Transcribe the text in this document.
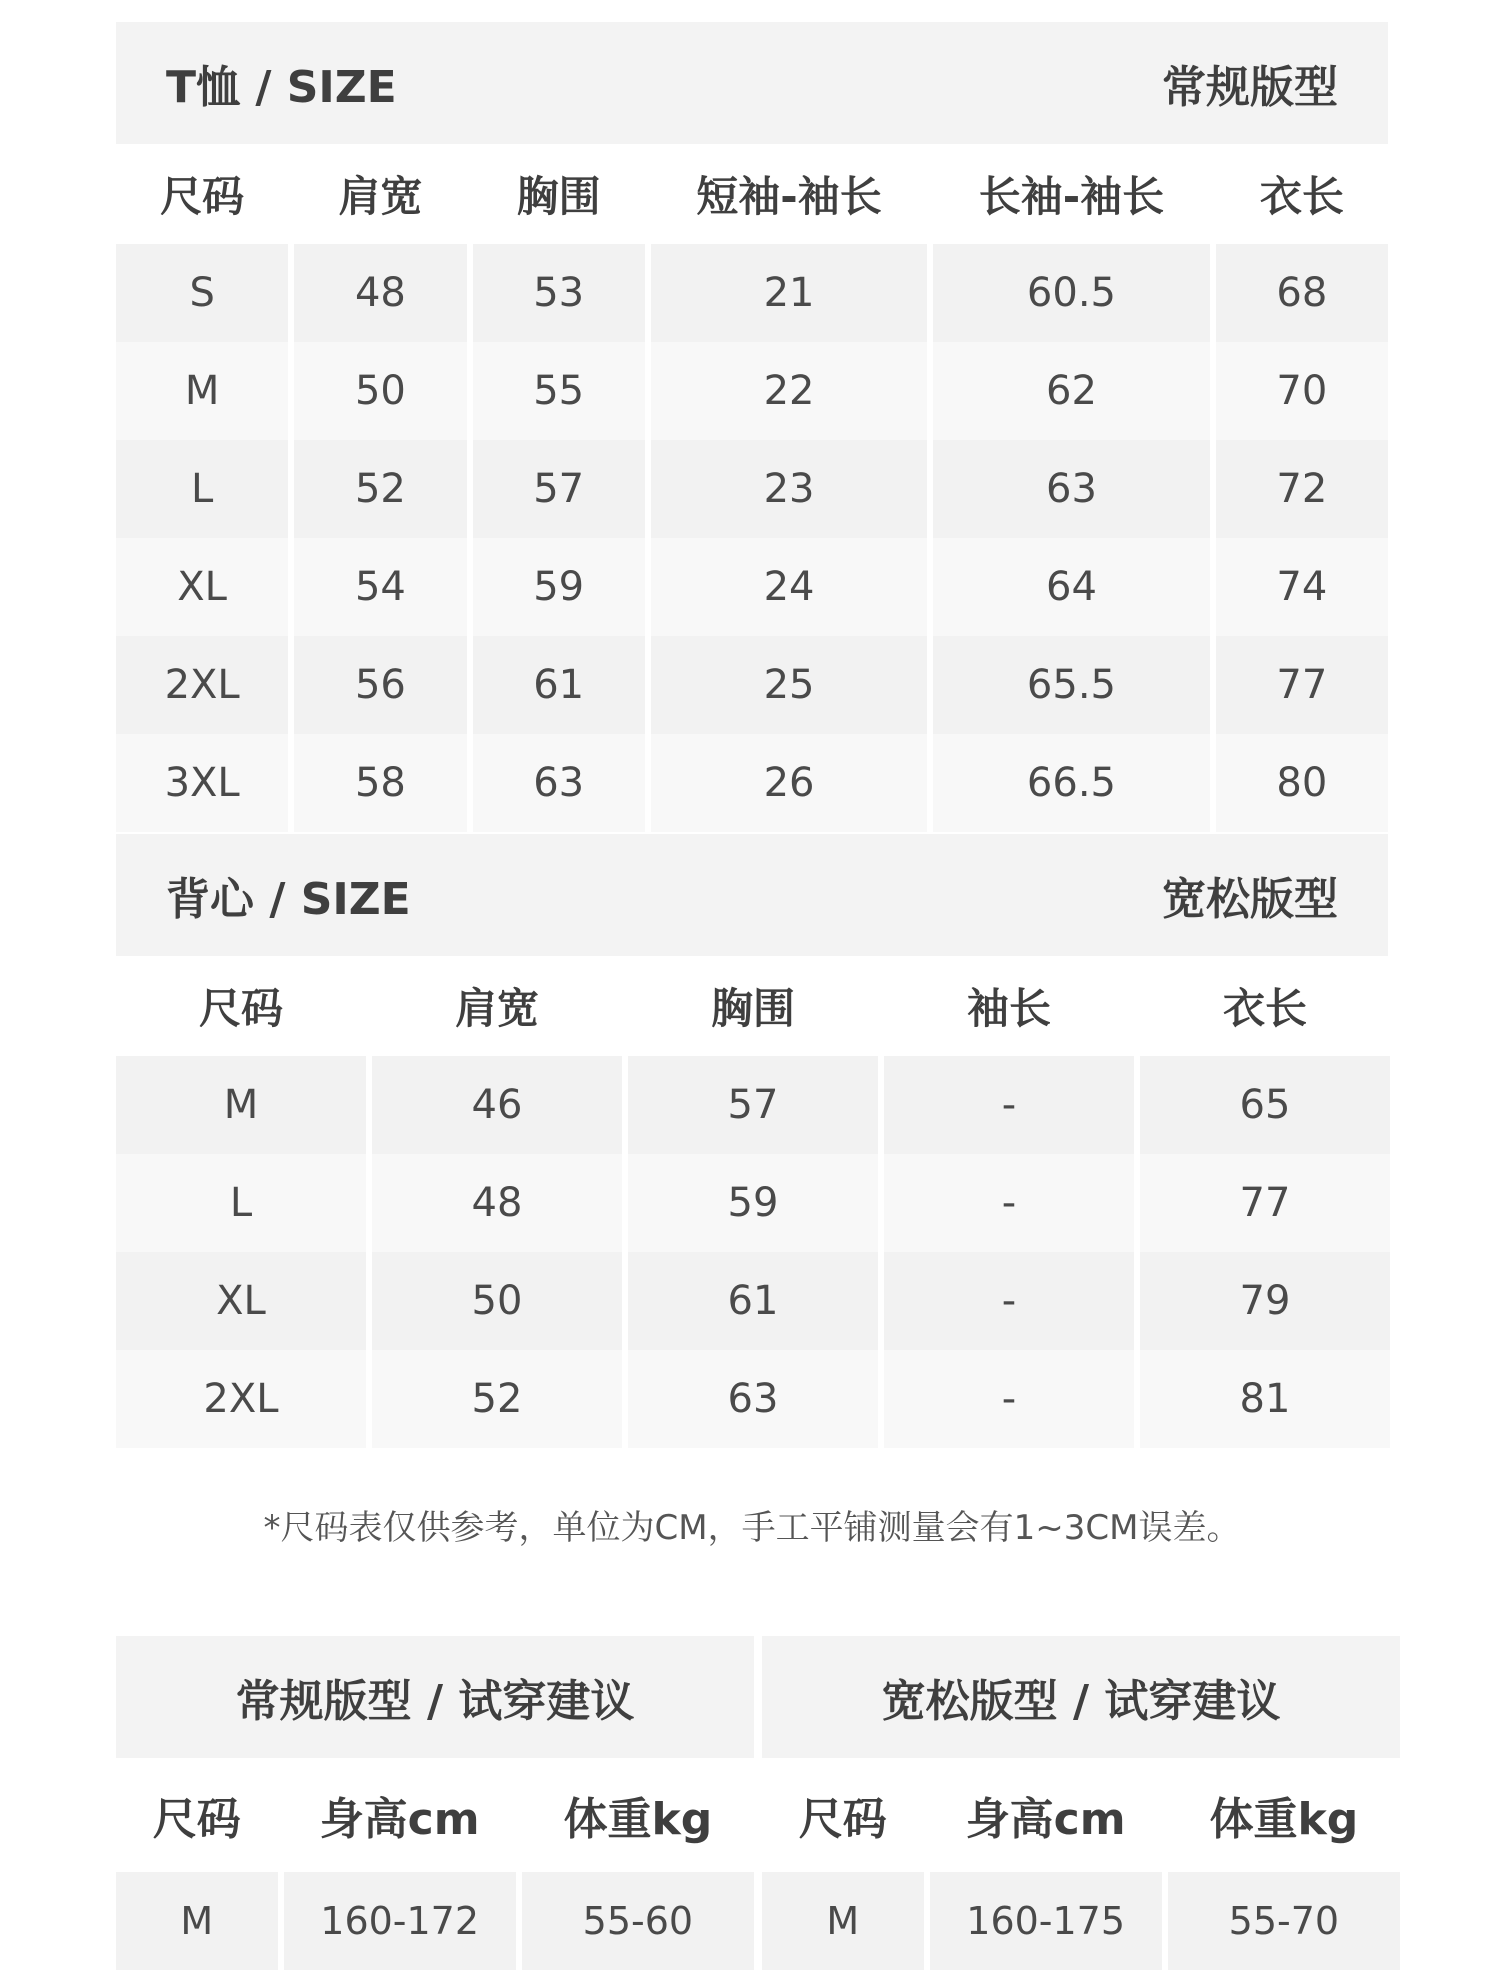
T恤 / SIZE	常规版型
尺码	肩宽	胸围	短袖-袖长	长袖-袖长	衣长
S	48	53	21	60.5	68
M	50	55	22	62	70
L	52	57	23	63	72
XL	54	59	24	64	74
2XL	56	61	25	65.5	77
3XL	58	63	26	66.5	80
背心 / SIZE	宽松版型
尺码	肩宽	胸围	袖长	衣长
M	46	57	-	65
L	48	59	-	77
XL	50	61	-	79
2XL	52	63	-	81
*尺码表仅供参考，单位为CM，手工平铺测量会有1~3CM误差。
常规版型 / 试穿建议
尺码	身高cm	体重kg
M	160-172	55-60
宽松版型 / 试穿建议
尺码	身高cm	体重kg
M	160-175	55-70
